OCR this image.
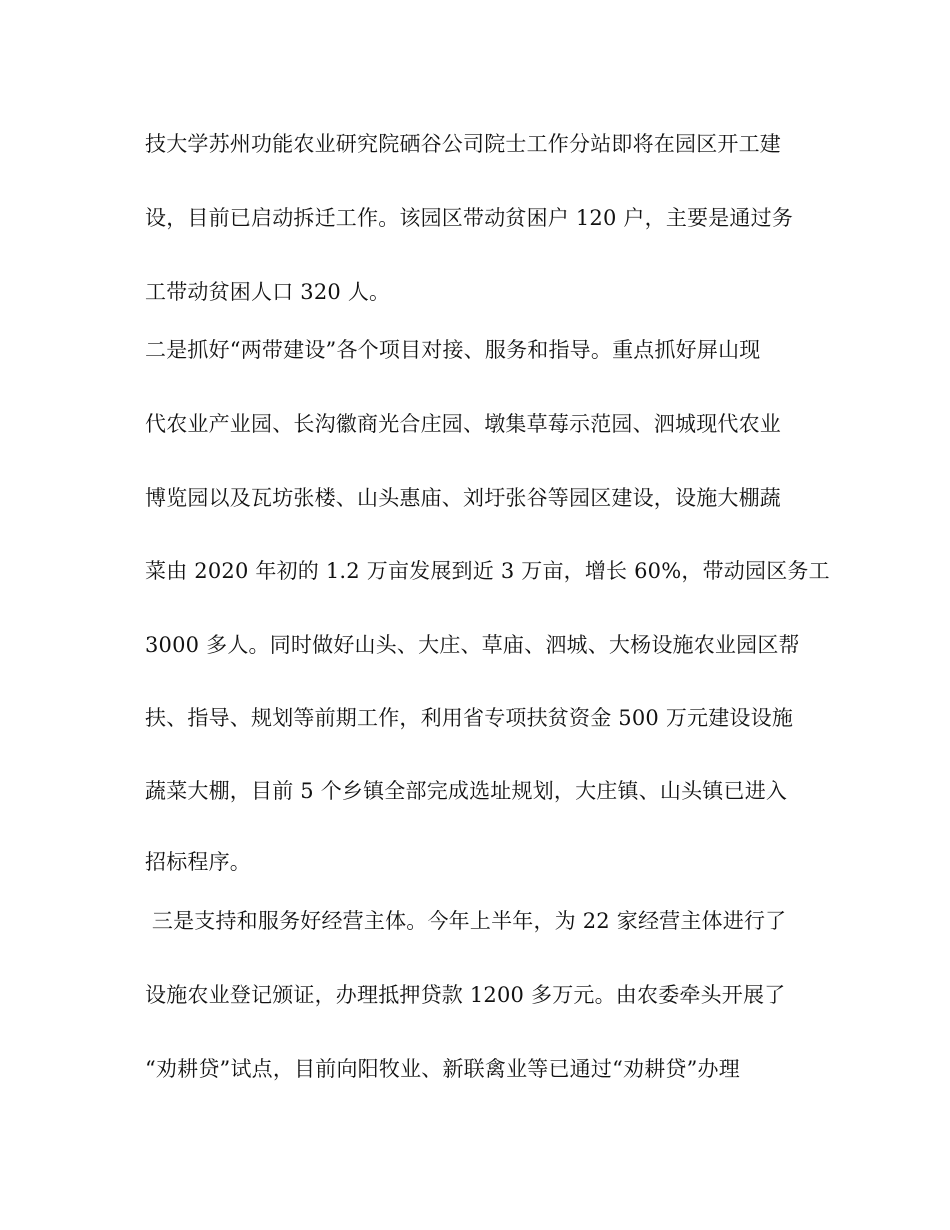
技大学苏州功能农业研究院硒谷公司院士工作分站即将在园区开工建
设，目前已启动拆迁工作。该园区带动贫困户 120 户，主要是通过务
工带动贫困人口 320 人。
二是抓好“两带建设”各个项目对接、服务和指导。重点抓好屏山现
代农业产业园、长沟徽商光合庄园、墩集草莓示范园、泗城现代农业
博览园以及瓦坊张楼、山头惠庙、刘圩张谷等园区建设，设施大棚蔬
菜由 2020 年初的 1.2 万亩发展到近 3 万亩，增长 60%，带动园区务工
3000 多人。同时做好山头、大庄、草庙、泗城、大杨设施农业园区帮
扶、指导、规划等前期工作，利用省专项扶贫资金 500 万元建设设施
蔬菜大棚，目前 5 个乡镇全部完成选址规划，大庄镇、山头镇已进入
招标程序。
三是支持和服务好经营主体。今年上半年，为 22 家经营主体进行了
设施农业登记颁证，办理抵押贷款 1200 多万元。由农委牵头开展了
“劝耕贷”试点，目前向阳牧业、新联禽业等已通过“劝耕贷”办理
